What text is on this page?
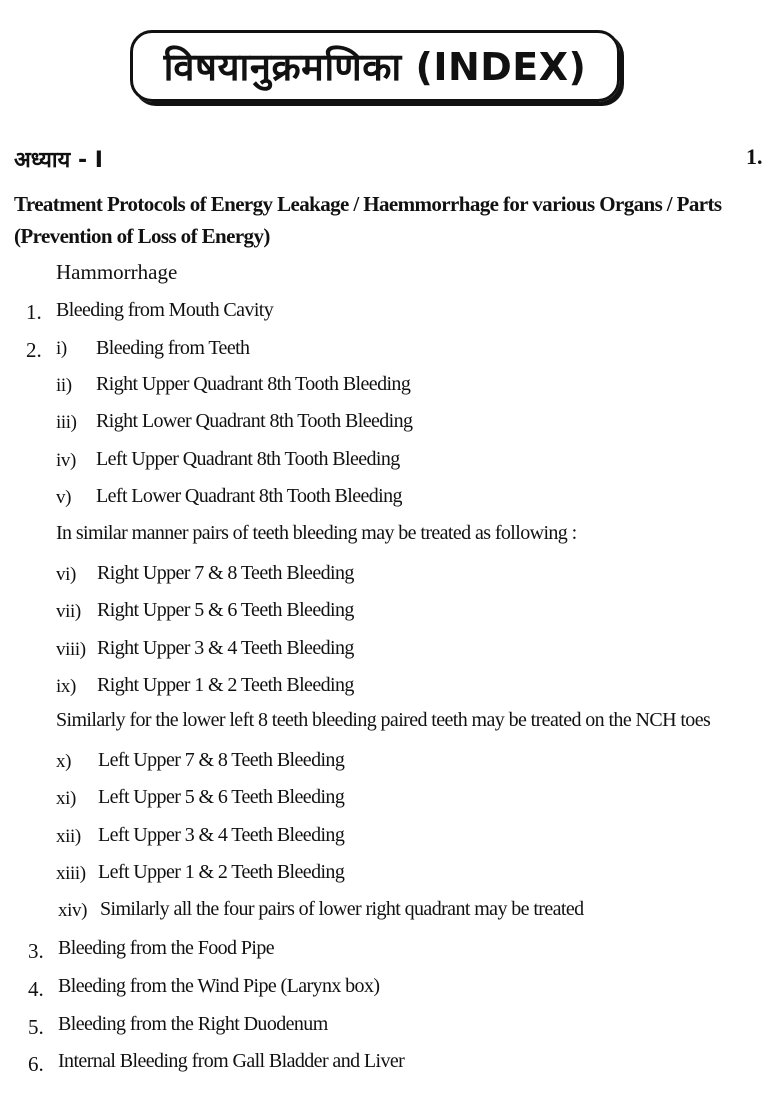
विषयानुक्रमणिका (INDEX)
अध्याय - I	1.
Treatment Protocols of Energy Leakage / Haemmorrhage for various Organs / Parts
(Prevention of Loss of Energy)
Hammorrhage
1. Bleeding from Mouth Cavity
2. i) Bleeding from Teeth
ii) Right Upper Quadrant 8th Tooth Bleeding
iii) Right Lower Quadrant 8th Tooth Bleeding
iv) Left Upper Quadrant 8th Tooth Bleeding
v) Left Lower Quadrant 8th Tooth Bleeding
In similar manner pairs of teeth bleeding may be treated as following :
vi) Right Upper 7 & 8 Teeth Bleeding
vii) Right Upper 5 & 6 Teeth Bleeding
viii) Right Upper 3 & 4 Teeth Bleeding
ix) Right Upper 1 & 2 Teeth Bleeding
Similarly for the lower left 8 teeth bleeding paired teeth may be treated on the NCH toes
x) Left Upper 7 & 8 Teeth Bleeding
xi) Left Upper 5 & 6 Teeth Bleeding
xii) Left Upper 3 & 4 Teeth Bleeding
xiii) Left Upper 1 & 2 Teeth Bleeding
xiv) Similarly all the four pairs of lower right quadrant may be treated
3. Bleeding from the Food Pipe
4. Bleeding from the Wind Pipe (Larynx box)
5. Bleeding from the Right Duodenum
6. Internal Bleeding from Gall Bladder and Liver
